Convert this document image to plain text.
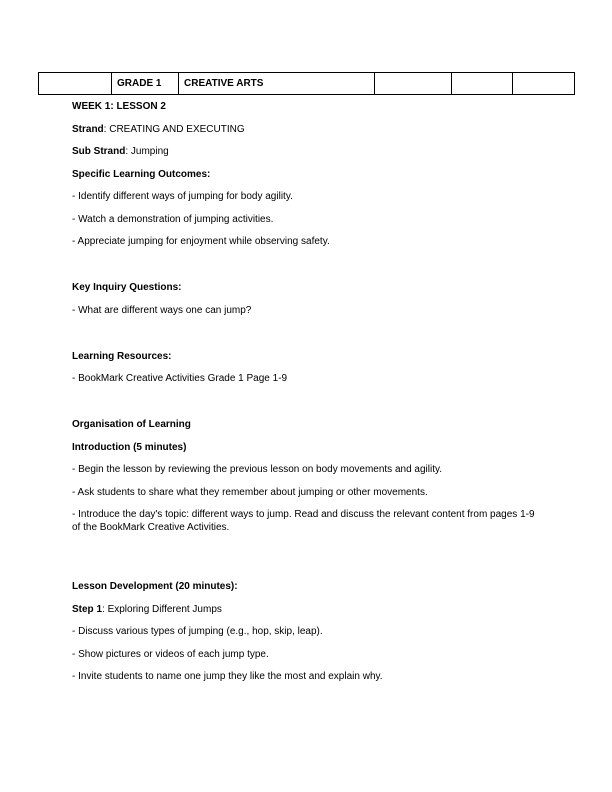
	GRADE 1	CREATIVE ARTS			

WEEK 1: LESSON 2

Strand: CREATING AND EXECUTING

Sub Strand: Jumping

Specific Learning Outcomes:

- Identify different ways of jumping for body agility.

- Watch a demonstration of jumping activities.

- Appreciate jumping for enjoyment while observing safety.

Key Inquiry Questions:

- What are different ways one can jump?

Learning Resources:

- BookMark Creative Activities Grade 1 Page 1-9

Organisation of Learning

Introduction (5 minutes)

- Begin the lesson by reviewing the previous lesson on body movements and agility.

- Ask students to share what they remember about jumping or other movements.

- Introduce the day's topic: different ways to jump. Read and discuss the relevant content from pages 1-9 of the BookMark Creative Activities.

Lesson Development (20 minutes):

Step 1: Exploring Different Jumps

- Discuss various types of jumping (e.g., hop, skip, leap).

- Show pictures or videos of each jump type.

- Invite students to name one jump they like the most and explain why.
